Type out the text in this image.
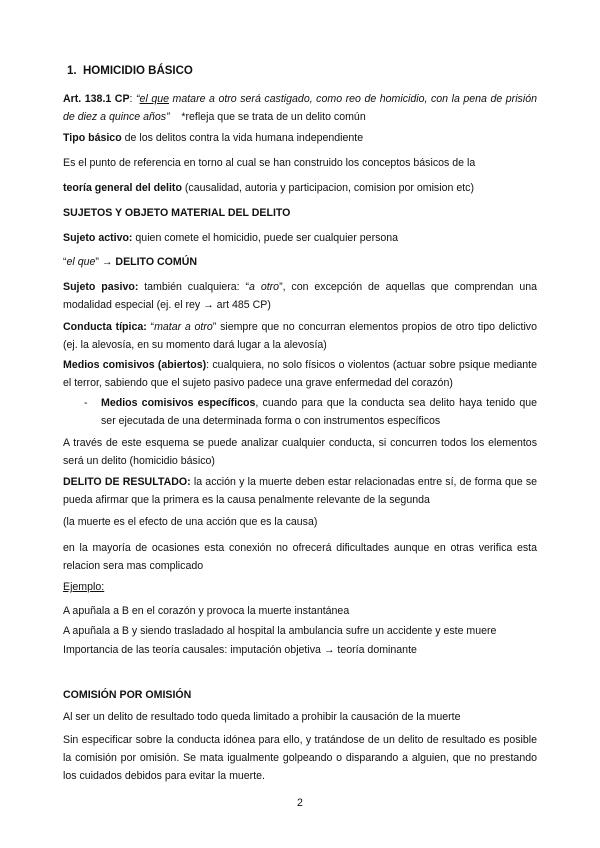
1. HOMICIDIO BÁSICO
Art. 138.1 CP: “el que matare a otro será castigado, como reo de homicidio, con la pena de prisión de diez a quince años” *refleja que se trata de un delito común
Tipo básico de los delitos contra la vida humana independiente
Es el punto de referencia en torno al cual se han construido los conceptos básicos de la
teoría general del delito (causalidad, autoria y participacion, comision por omision etc)
SUJETOS Y OBJETO MATERIAL DEL DELITO
Sujeto activo: quien comete el homicidio, puede ser cualquier persona
“el que” → DELITO COMÚN
Sujeto pasivo: también cualquiera: “a otro”, con excepción de aquellas que comprendan una modalidad especial (ej. el rey → art 485 CP)
Conducta típica: “matar a otro” siempre que no concurran elementos propios de otro tipo delictivo (ej. la alevosía, en su momento dará lugar a la alevosía)
Medios comisivos (abiertos): cualquiera, no solo físicos o violentos (actuar sobre psique mediante el terror, sabiendo que el sujeto pasivo padece una grave enfermedad del corazón)
- Medios comisivos específicos, cuando para que la conducta sea delito haya tenido que ser ejecutada de una determinada forma o con instrumentos específicos
A través de este esquema se puede analizar cualquier conducta, si concurren todos los elementos será un delito (homicidio básico)
DELITO DE RESULTADO: la acción y la muerte deben estar relacionadas entre sí, de forma que se pueda afirmar que la primera es la causa penalmente relevante de la segunda
(la muerte es el efecto de una acción que es la causa)
en la mayoría de ocasiones esta conexión no ofrecerá dificultades aunque en otras verifica esta relacion sera mas complicado
Ejemplo:
A apuñala a B en el corazón y provoca la muerte instantánea
A apuñala a B y siendo trasladado al hospital la ambulancia sufre un accidente y este muere
Importancia de las teoría causales: imputación objetiva → teoría dominante
COMISIÓN POR OMISIÓN
Al ser un delito de resultado todo queda limitado a prohibir la causación de la muerte
Sin especificar sobre la conducta idónea para ello, y tratándose de un delito de resultado es posible la comisión por omisión. Se mata igualmente golpeando o disparando a alguien, que no prestando los cuidados debidos para evitar la muerte.
2
